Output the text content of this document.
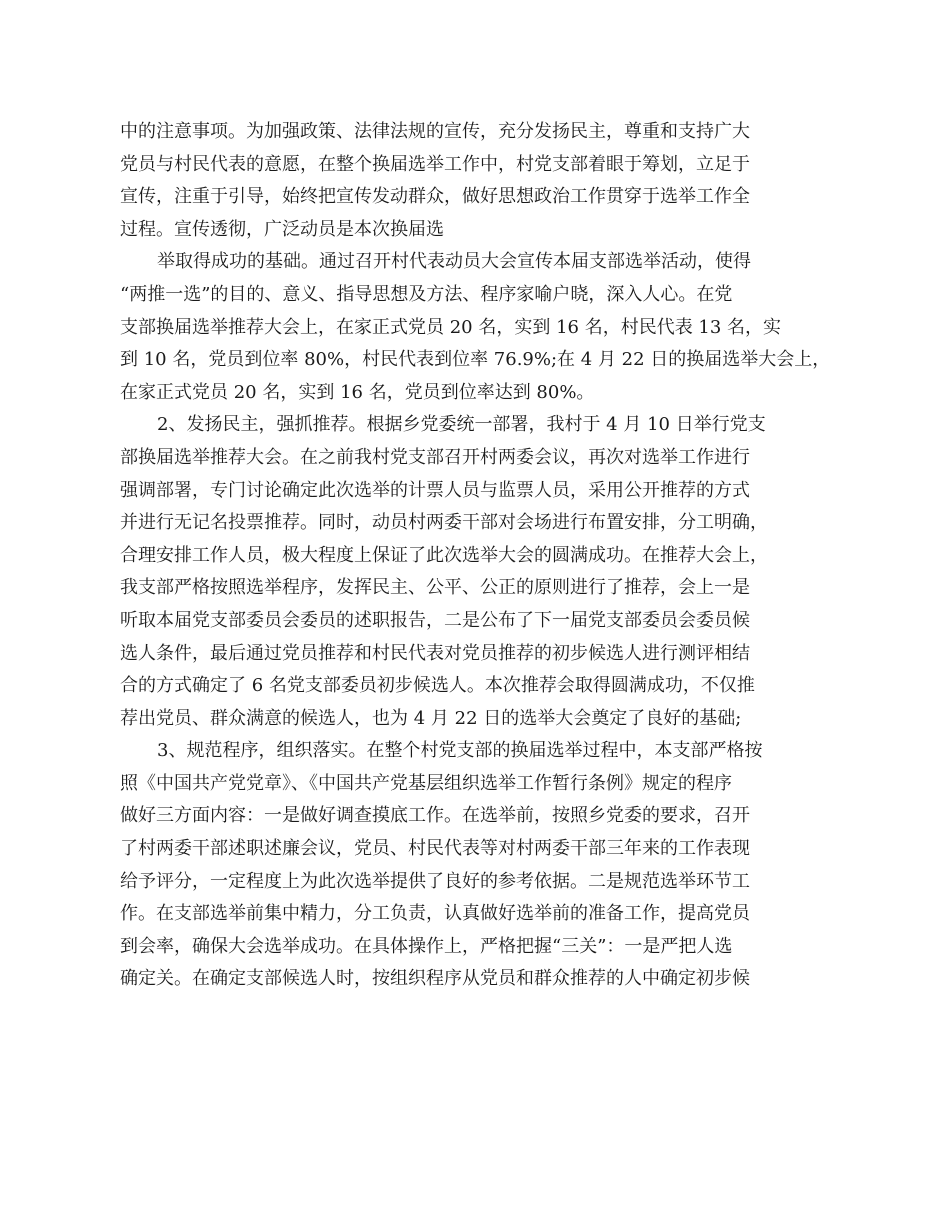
中的注意事项。为加强政策、法律法规的宣传，充分发扬民主，尊重和支持广大
党员与村民代表的意愿，在整个换届选举工作中，村党支部着眼于筹划，立足于
宣传，注重于引导，始终把宣传发动群众，做好思想政治工作贯穿于选举工作全
过程。宣传透彻，广泛动员是本次换届选
举取得成功的基础。通过召开村代表动员大会宣传本届支部选举活动，使得
“两推一选”的目的、意义、指导思想及方法、程序家喻户晓，深入人心。在党
支部换届选举推荐大会上，在家正式党员 20 名，实到 16 名，村民代表 13 名，实
到 10 名，党员到位率 80%，村民代表到位率 76.9%;在 4 月 22 日的换届选举大会上，
在家正式党员 20 名，实到 16 名，党员到位率达到 80%。
2、发扬民主，强抓推荐。根据乡党委统一部署，我村于 4 月 10 日举行党支
部换届选举推荐大会。在之前我村党支部召开村两委会议，再次对选举工作进行
强调部署，专门讨论确定此次选举的计票人员与监票人员，采用公开推荐的方式
并进行无记名投票推荐。同时，动员村两委干部对会场进行布置安排，分工明确，
合理安排工作人员，极大程度上保证了此次选举大会的圆满成功。在推荐大会上，
我支部严格按照选举程序，发挥民主、公平、公正的原则进行了推荐，会上一是
听取本届党支部委员会委员的述职报告，二是公布了下一届党支部委员会委员候
选人条件，最后通过党员推荐和村民代表对党员推荐的初步候选人进行测评相结
合的方式确定了 6 名党支部委员初步候选人。本次推荐会取得圆满成功，不仅推
荐出党员、群众满意的候选人，也为 4 月 22 日的选举大会奠定了良好的基础;
3、规范程序，组织落实。在整个村党支部的换届选举过程中，本支部严格按
照《中国共产党党章》、《中国共产党基层组织选举工作暂行条例》规定的程序
做好三方面内容：一是做好调查摸底工作。在选举前，按照乡党委的要求，召开
了村两委干部述职述廉会议，党员、村民代表等对村两委干部三年来的工作表现
给予评分，一定程度上为此次选举提供了良好的参考依据。二是规范选举环节工
作。在支部选举前集中精力，分工负责，认真做好选举前的准备工作，提高党员
到会率，确保大会选举成功。在具体操作上，严格把握“三关”：一是严把人选
确定关。在确定支部候选人时，按组织程序从党员和群众推荐的人中确定初步候
